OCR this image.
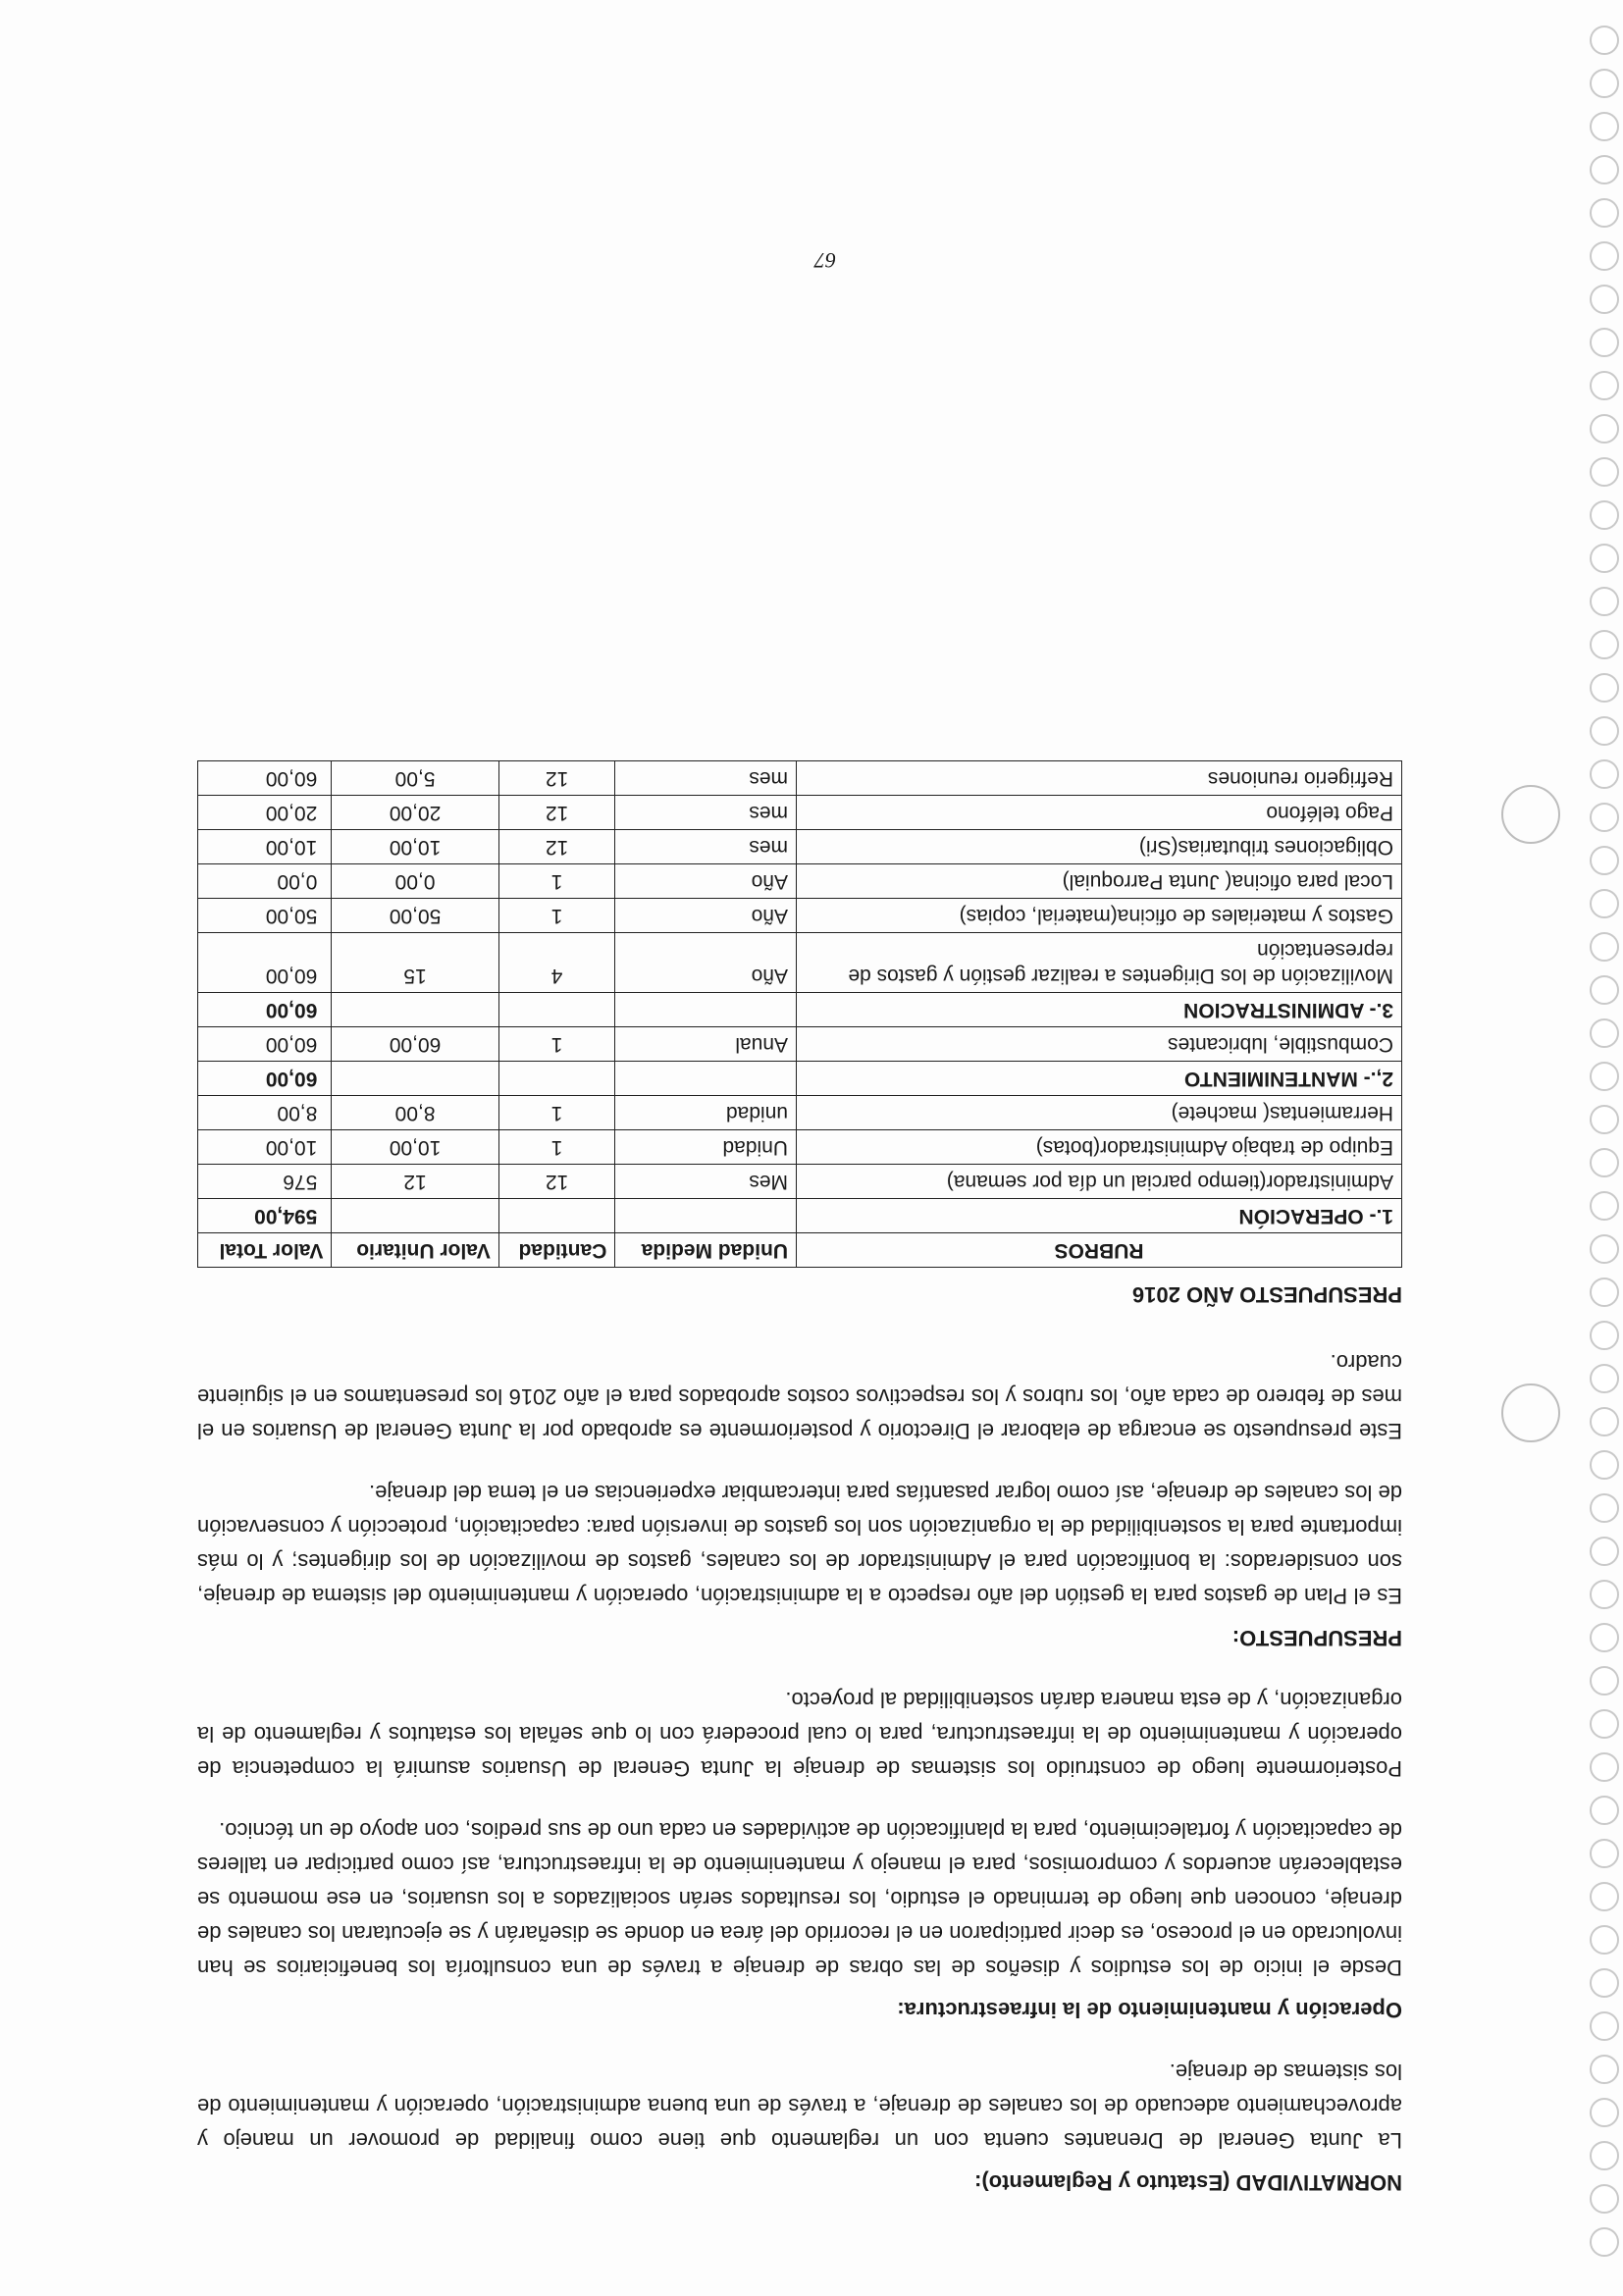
NORMATIVIDAD (Estatuto y Reglamento):
La Junta General de Drenantes cuenta con un reglamento que tiene como finalidad de promover un manejo y aprovechamiento adecuado de los canales de drenaje, a través de una buena administración, operación y mantenimiento de los sistemas de drenaje.
Operación y mantenimiento de la infraestructura:
Desde el inicio de los estudios y diseños de las obras de drenaje a través de una consultoría los beneficiarios se han involucrado en el proceso, es decir participaron en el recorrido del área en donde se diseñarán y se ejecutaran los canales de drenaje, conocen que luego de terminado el estudio, los resultados serán socializados a los usuarios, en ese momento se establecerán acuerdos y compromisos, para el manejo y mantenimiento de la infraestructura, así como participar en talleres de capacitación y fortalecimiento, para la planificación de actividades en cada uno de sus predios, con apoyo de un técnico.
Posteriormente luego de construido los sistemas de drenaje la Junta General de Usuarios asumirá la competencia de operación y mantenimiento de la infraestructura, para lo cual procederá con lo que señala los estatutos y reglamento de la organización, y de esta manera darán sostenibilidad al proyecto.
PRESUPUESTO:
Es el Plan de gastos para la gestión del año respecto a la administración, operación y mantenimiento del sistema de drenaje, son considerados: la bonificación para el Administrador de los canales, gastos de movilización de los dirigentes; y lo más importante para la sostenibilidad de la organización son los gastos de inversión para: capacitación, protección y conservación de los canales de drenaje, así como lograr pasantías para intercambiar experiencias en el tema del drenaje.
Este presupuesto se encarga de elaborar el Directorio y posteriormente es aprobado por la Junta General de Usuarios en el mes de febrero de cada año, los rubros y los respectivos costos aprobados para el año 2016 los presentamos en el siguiente cuadro.
PRESUPUESTO AÑO 2016
RUBROS	Unidad Medida	Cantidad	Valor Unitario	Valor Total
1.- OPERACIÓN				594,00
Administrador(tiempo parcial un día por semana)	Mes	12	12	576
Equipo de trabajo Administrador(botas)	Unidad	1	10,00	10,00
Herramientas( machete)	unidad	1	8,00	8,00
2,.- MANTENIMIENTO				60,00
Combustible, lubricantes	Anual	1	60,00	60,00
3.- ADMINISTRACION				60,00
Movilización de los Dirigentes a realizar gestión y gastos de representación	Año	4	15	60,00
Gastos y materiales de oficina(material, copias)	Año	1	50,00	50,00
Local para oficina( Junta Parroquial)	Año	1	0,00	0,00
Obligaciones tributarias(Sri)	mes	12	10,00	10,00
Pago teléfono	mes	12	20,00	20,00
Refrigerio reuniones	mes	12	5,00	60,00
67
